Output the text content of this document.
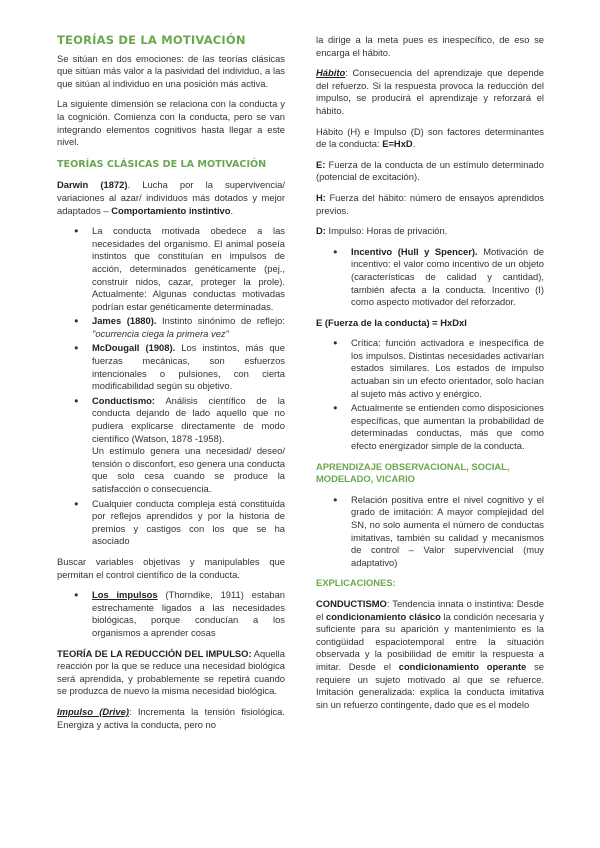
TEORÍAS DE LA MOTIVACIÓN

Se sitúan en dos emociones: de las teorías clásicas que sitúan más valor a la pasividad del individuo, a las que sitúan al individuo en una posición más activa.

La siguiente dimensión se relaciona con la conducta y la cognición. Comienza con la conducta, pero se van integrando elementos cognitivos hasta llegar a este nivel.

TEORÍAS CLÁSICAS DE LA MOTIVACIÓN

Darwin (1872). Lucha por la supervivencia/ variaciones al azar/ individuos más dotados y mejor adaptados – Comportamiento instintivo.

● La conducta motivada obedece a las necesidades del organismo. El animal poseía instintos que constituían en impulsos de acción, determinados genéticamente (pej., construir nidos, cazar, proteger la prole). Actualmente: Algunas conductas motivadas podrían estar genéticamente determinadas.
● James (1880). Instinto sinónimo de reflejo: "ocurrencia ciega la primera vez"
● McDougall (1908). Los instintos, más que fuerzas mecánicas, son esfuerzos intencionales o pulsiones, con cierta modificabilidad según su objetivo.
● Conductismo: Análisis científico de la conducta dejando de lado aquello que no pudiera explicarse directamente de modo científico (Watson, 1878 -1958).
Un estímulo genera una necesidad/ deseo/ tensión o disconfort, eso genera una conducta que solo cesa cuando se produce la satisfacción o consecuencia.
● Cualquier conducta compleja está constituida por reflejos aprendidos y por la historia de premios y castigos con los que se ha asociado

Buscar variables objetivas y manipulables que permitan el control científico de la conducta.

● Los impulsos (Thorndike, 1911) estaban estrechamente ligados a las necesidades biológicas, porque conducían a los organismos a aprender cosas

TEORÍA DE LA REDUCCIÓN DEL IMPULSO: Aquella reacción por la que se reduce una necesidad biológica será aprendida, y probablemente se repetirá cuando se produzca de nuevo la misma necesidad biológica.

Impulso (Drive): Incrementa la tensión fisiológica. Energiza y activa la conducta, pero no

la dirige a la meta pues es inespecífico, de eso se encarga el hábito.

Hábito: Consecuencia del aprendizaje que depende del refuerzo. Si la respuesta provoca la reducción del impulso, se producirá el aprendizaje y reforzará el hábito.

Hábito (H) e Impulso (D) son factores determinantes de la conducta: E=HxD.

E: Fuerza de la conducta de un estímulo determinado (potencial de excitación).

H: Fuerza del hábito: número de ensayos aprendidos previos.

D: Impulso: Horas de privación.

● Incentivo (Hull y Spencer). Motivación de incentivo: el valor como incentivo de un objeto (características de calidad y cantidad), también afecta a la conducta. Incentivo (I) como aspecto motivador del reforzador.

E (Fuerza de la conducta) = HxDxI

● Crítica: función activadora e inespecífica de los impulsos. Distintas necesidades activarían estados similares. Los estados de impulso actuaban sin un efecto orientador, solo hacían al sujeto más activo y enérgico.
● Actualmente se entienden como disposiciones específicas, que aumentan la probabilidad de determinadas conductas, más que como efecto energizador simple de la conducta.
APRENDIZAJE OBSERVACIONAL, SOCIAL, MODELADO, VICARIO
● Relación positiva entre el nivel cognitivo y el grado de imitación: A mayor complejidad del SN, no solo aumenta el número de conductas imitativas, también su calidad y mecanismos de control – Valor supervivencial (muy adaptativo)
EXPLICACIONES:

CONDUCTISMO: Tendencia innata o instintiva: Desde el condicionamiento clásico la condición necesaria y suficiente para su aparición y mantenimiento es la contigüidad espaciotemporal entre la situación observada y la posibilidad de emitir la respuesta a imitar. Desde el condicionamiento operante se requiere un sujeto motivado al que se refuerce. Imitación generalizada: explica la conducta imitativa sin un refuerzo contingente, dado que es el modelo
